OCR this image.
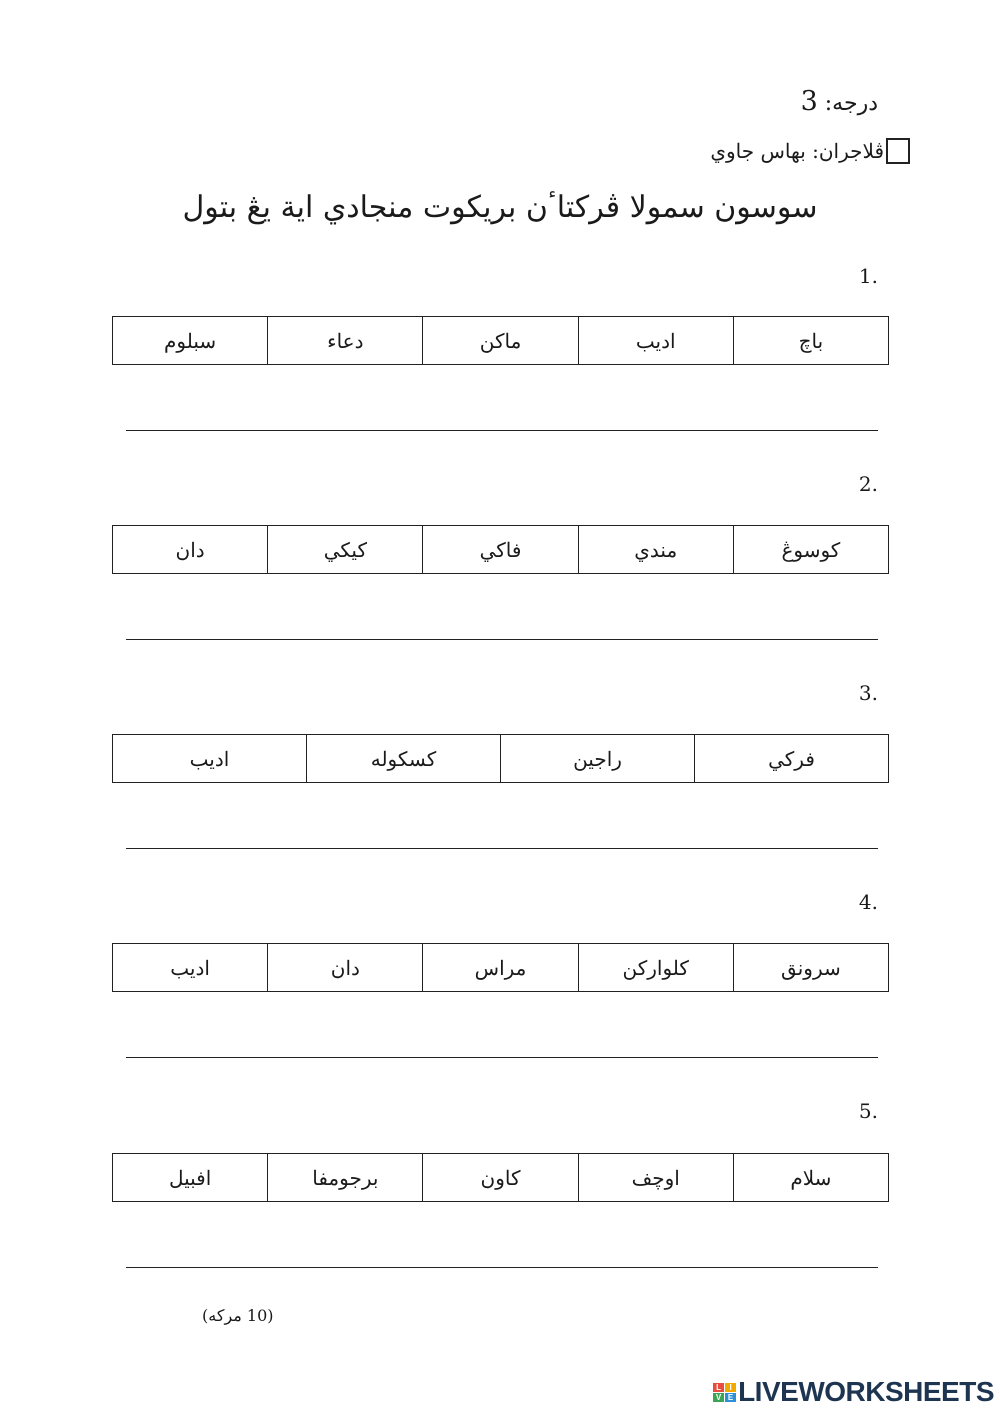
درجه: 3
ڤلاجران:

بهاس جاوي
سوسون سمولا ڤركتاٴن بريكوت منجادي اية يڠ بتول
1.
باچ	اديب	ماكن	دعاء	سبلوم
2.
كوسوڠ	مندي	فاكي	كيكي	دان
3.
فركي	راجين	كسكوله	اديب
4.
سرونق	كلواركن	مراس	دان	اديب
5.
سلام	اوچف	كاون	برجومفا	افبيل
(10 مركه)
L	I
V E LIVEWORKSHEETS
